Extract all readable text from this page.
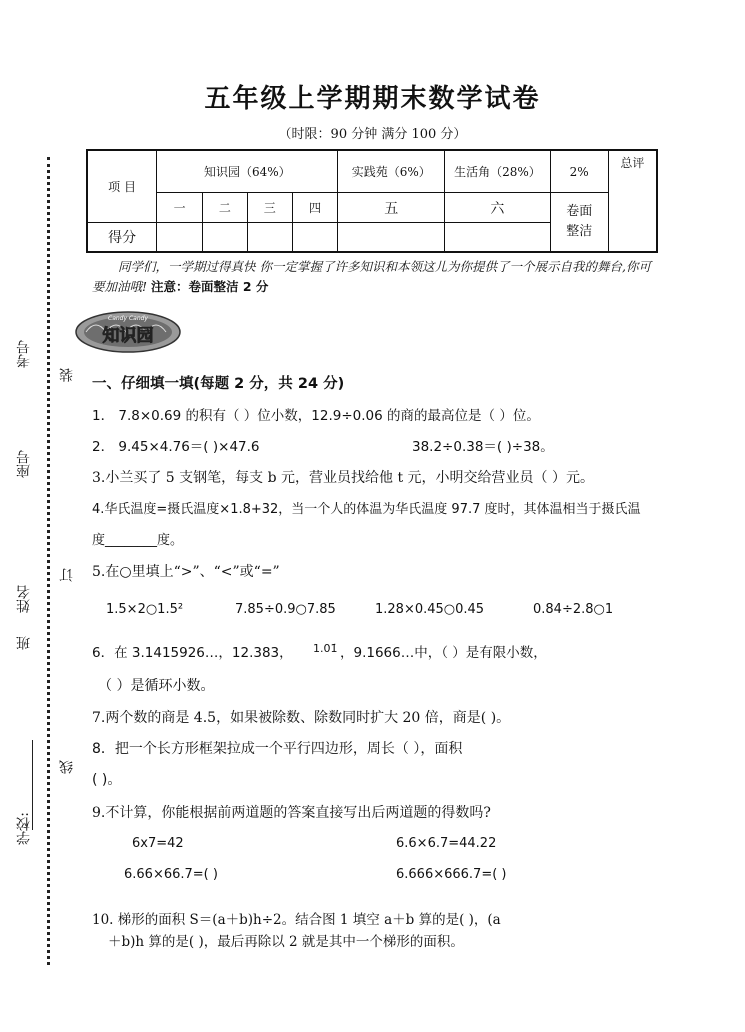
考号
装
座号
订
姓名
班
线
学校:
五年级上学期期末数学试卷
（时限：90 分钟 满分 100 分）
项 目	知识园（64%）				实践苑（6%）	生活角（28%）	2%	总评
	一	二	三	四	五	六	卷面整洁	
得分								
同学们，一学期过得真快 你一定掌握了许多知识和本领这儿为你提供了一个展示自我的舞台,你可要加油哦! 注意：卷面整洁 2 分
Candy Candy
知识园
一、仔细填一填(每题 2 分，共 24 分)
1． 7.8×0.69 的积有（ ）位小数，12.9÷0.06 的商的最高位是（ ）位。
2． 9.45×4.76＝( )×47.6	38.2÷0.38＝( )÷38。
3.小兰买了 5 支钢笔，每支 b 元，营业员找给他 t 元，小明交给营业员（ ）元。
4.华氏温度=摄氏温度×1.8+32，当一个人的体温为华氏温度 97.7 度时，其体温相当于摄氏温
度________度。
5.在○里填上“>”、“<”或“=”
1.5×2○1.5²	7.85÷0.9○7.85	1.28×0.45○0.45	0.84÷2.8○1
6．在 3.1415926…，12.383， 1.01̇ ，9.1666…中，（ ）是有限小数，
（ ）是循环小数。
7.两个数的商是 4.5，如果被除数、除数同时扩大 20 倍，商是( )。
8．把一个长方形框架拉成一个平行四边形，周长（ ），面积
( )。
9.不计算，你能根据前两道题的答案直接写出后两道题的得数吗?
6x7=42	6.6×6.7=44.22
6.66×66.7=( )	6.666×666.7=( )
10. 梯形的面积 S＝(a＋b)h÷2。结合图 1 填空 a＋b 算的是( )，(a
＋b)h 算的是( )，最后再除以 2 就是其中一个梯形的面积。
